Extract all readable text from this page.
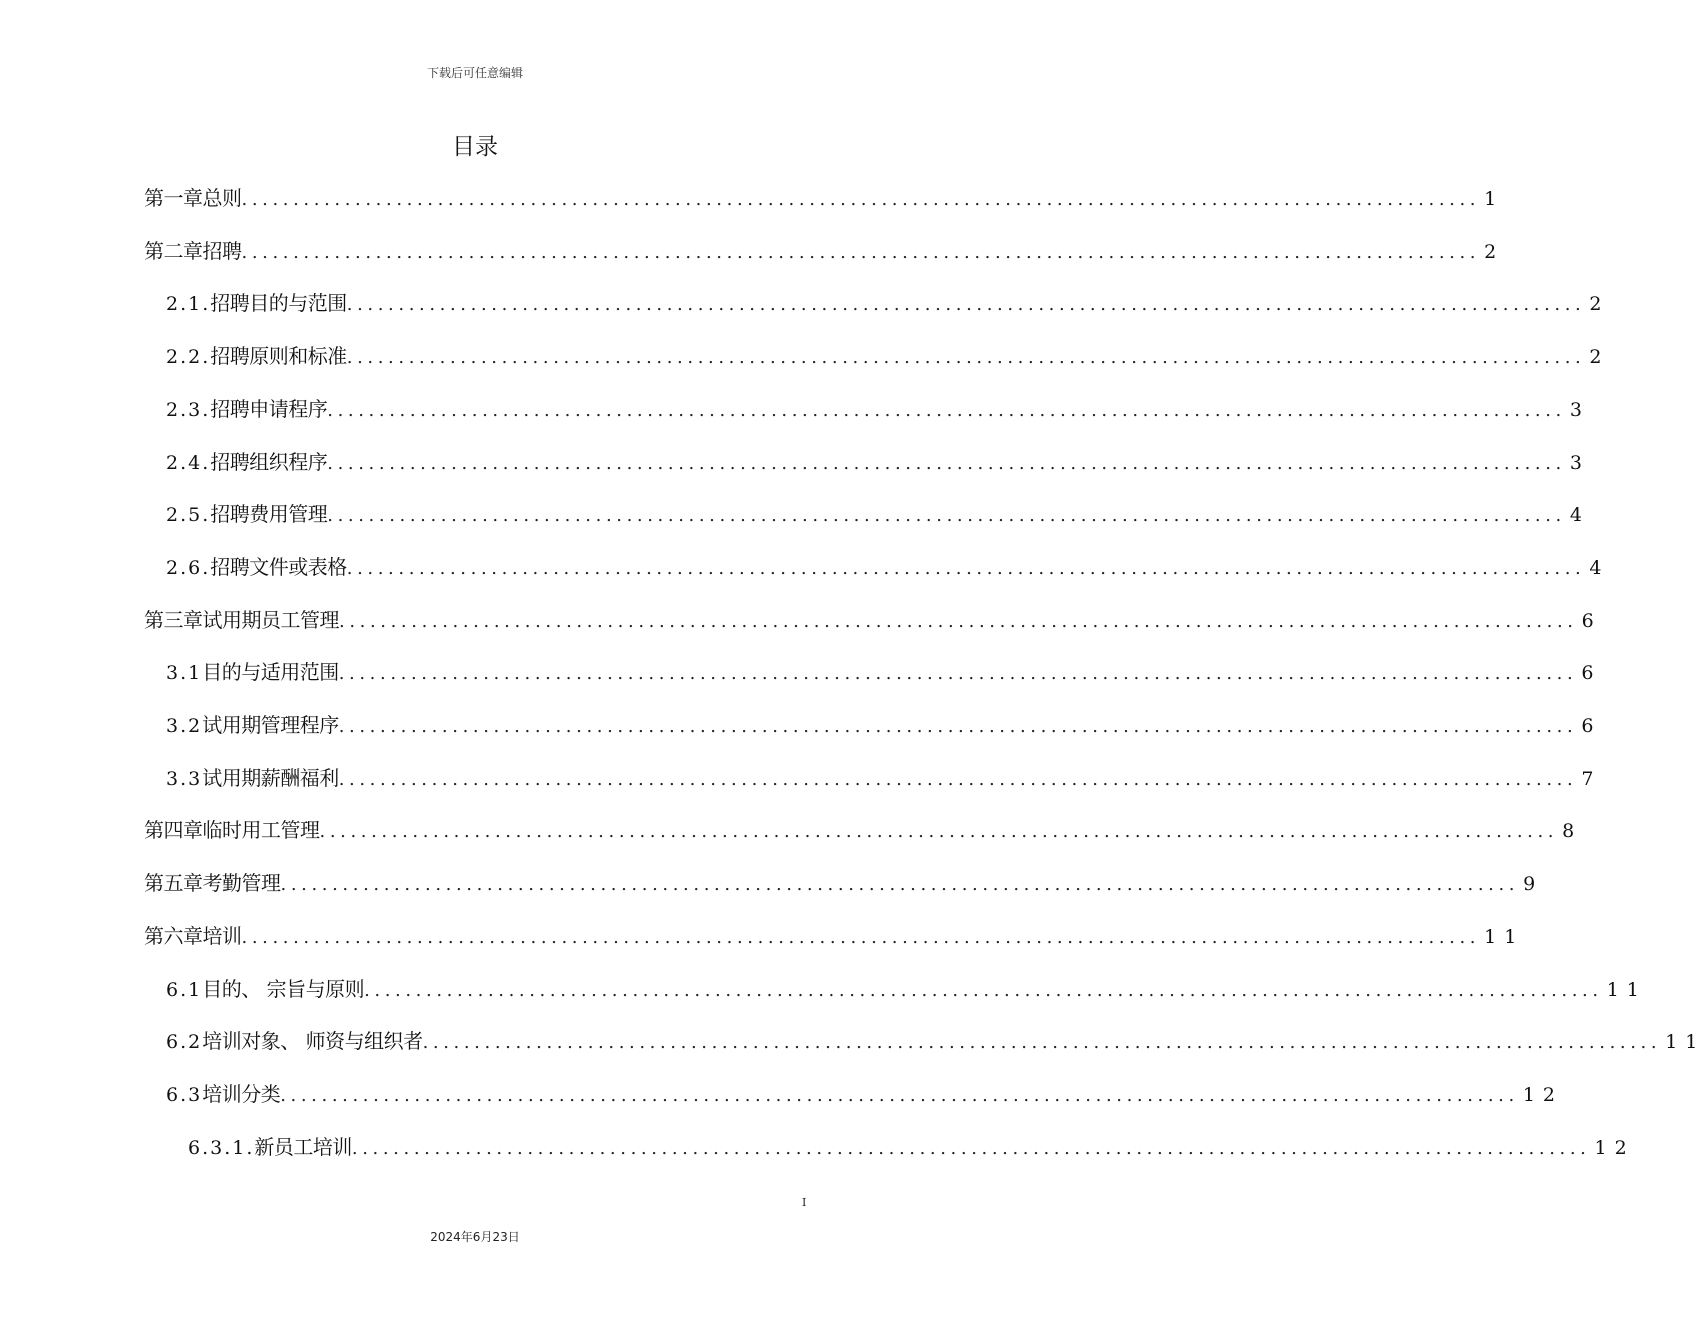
下载后可任意编辑
目录
第一章 总则 ........................................................................................................................ 1
第二章 招聘 ........................................................................................................................ 2
2.1. 招聘目的与范围 ........................................................................................................................ 2
2.2. 招聘原则和标准 ........................................................................................................................ 2
2.3. 招聘申请程序 ........................................................................................................................ 3
2.4. 招聘组织程序 ........................................................................................................................ 3
2.5. 招聘费用管理 ........................................................................................................................ 4
2.6. 招聘文件或表格 ........................................................................................................................ 4
第三章 试用期员工管理 ........................................................................................................................ 6
3.1 目的与适用范围 ........................................................................................................................ 6
3.2 试用期管理程序 ........................................................................................................................ 6
3.3 试用期薪酬福利 ........................................................................................................................ 7
第四章 临时用工管理 ........................................................................................................................ 8
第五章 考勤管理 ........................................................................................................................ 9
第六章 培训 ........................................................................................................................ 11
6.1 目的、 宗旨与原则 ........................................................................................................................ 11
6.2 培训对象、 师资与组织者 ........................................................................................................................ 11
6.3 培训分类 ........................................................................................................................ 12
6.3.1. 新员工培训 ........................................................................................................................ 12
I
2024年6月23日
